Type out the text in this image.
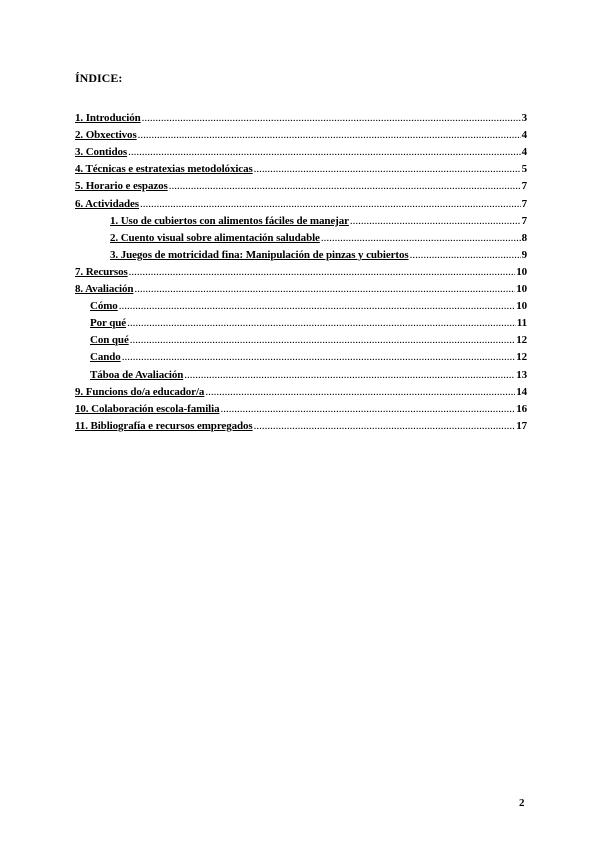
ÍNDICE:
1. Introdución .....	3
2. Obxectivos .....	4
3. Contidos .....	4
4. Técnicas e estratexias metodolóxicas .....	5
5. Horario e espazos .....	7
6. Actividades .....	7
1. Uso de cubiertos con alimentos fáciles de manejar .....	7
2. Cuento visual sobre alimentación saludable .....	8
3. Juegos de motricidad fina: Manipulación de pinzas y cubiertos .....	9
7. Recursos .....	10
8. Avaliación .....	10
Cómo .....	10
Por qué .....	11
Con qué .....	12
Cando .....	12
Táboa de Avaliación .....	13
9. Funcions do/a educador/a .....	14
10. Colaboración escola-familia .....	16
11. Bibliografía e recursos empregados .....	17
2
